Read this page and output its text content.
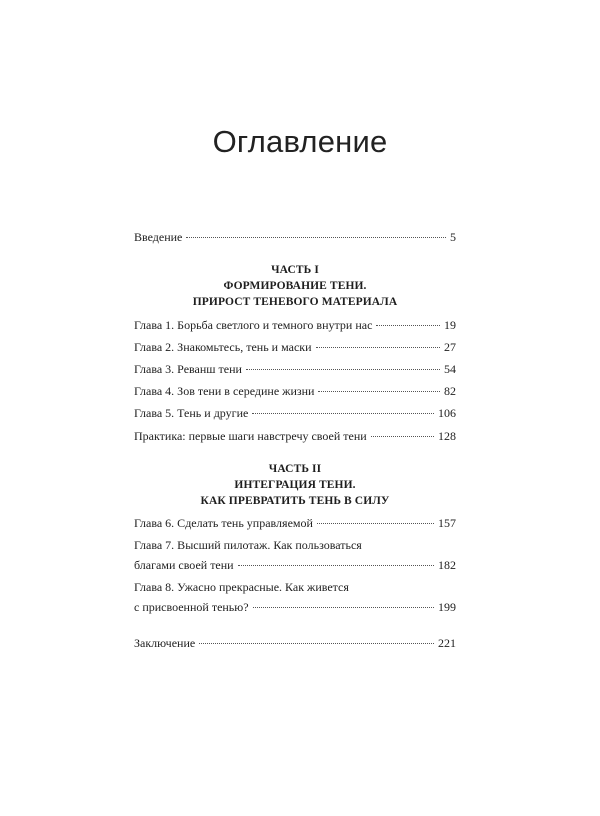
Оглавление
Введение	5
ЧАСТЬ I
ФОРМИРОВАНИЕ ТЕНИ.
ПРИРОСТ ТЕНЕВОГО МАТЕРИАЛА
Глава 1. Борьба светлого и темного внутри нас	19
Глава 2. Знакомьтесь, тень и маски	27
Глава 3. Реванш тени	54
Глава 4. Зов тени в середине жизни	82
Глава 5. Тень и другие	106
Практика: первые шаги навстречу своей тени	128
ЧАСТЬ II
ИНТЕГРАЦИЯ ТЕНИ.
КАК ПРЕВРАТИТЬ ТЕНЬ В СИЛУ
Глава 6. Сделать тень управляемой	157
Глава 7. Высший пилотаж. Как пользоваться
благами своей тени	182
Глава 8. Ужасно прекрасные. Как живется
с присвоенной тенью?	199
Заключение	221
